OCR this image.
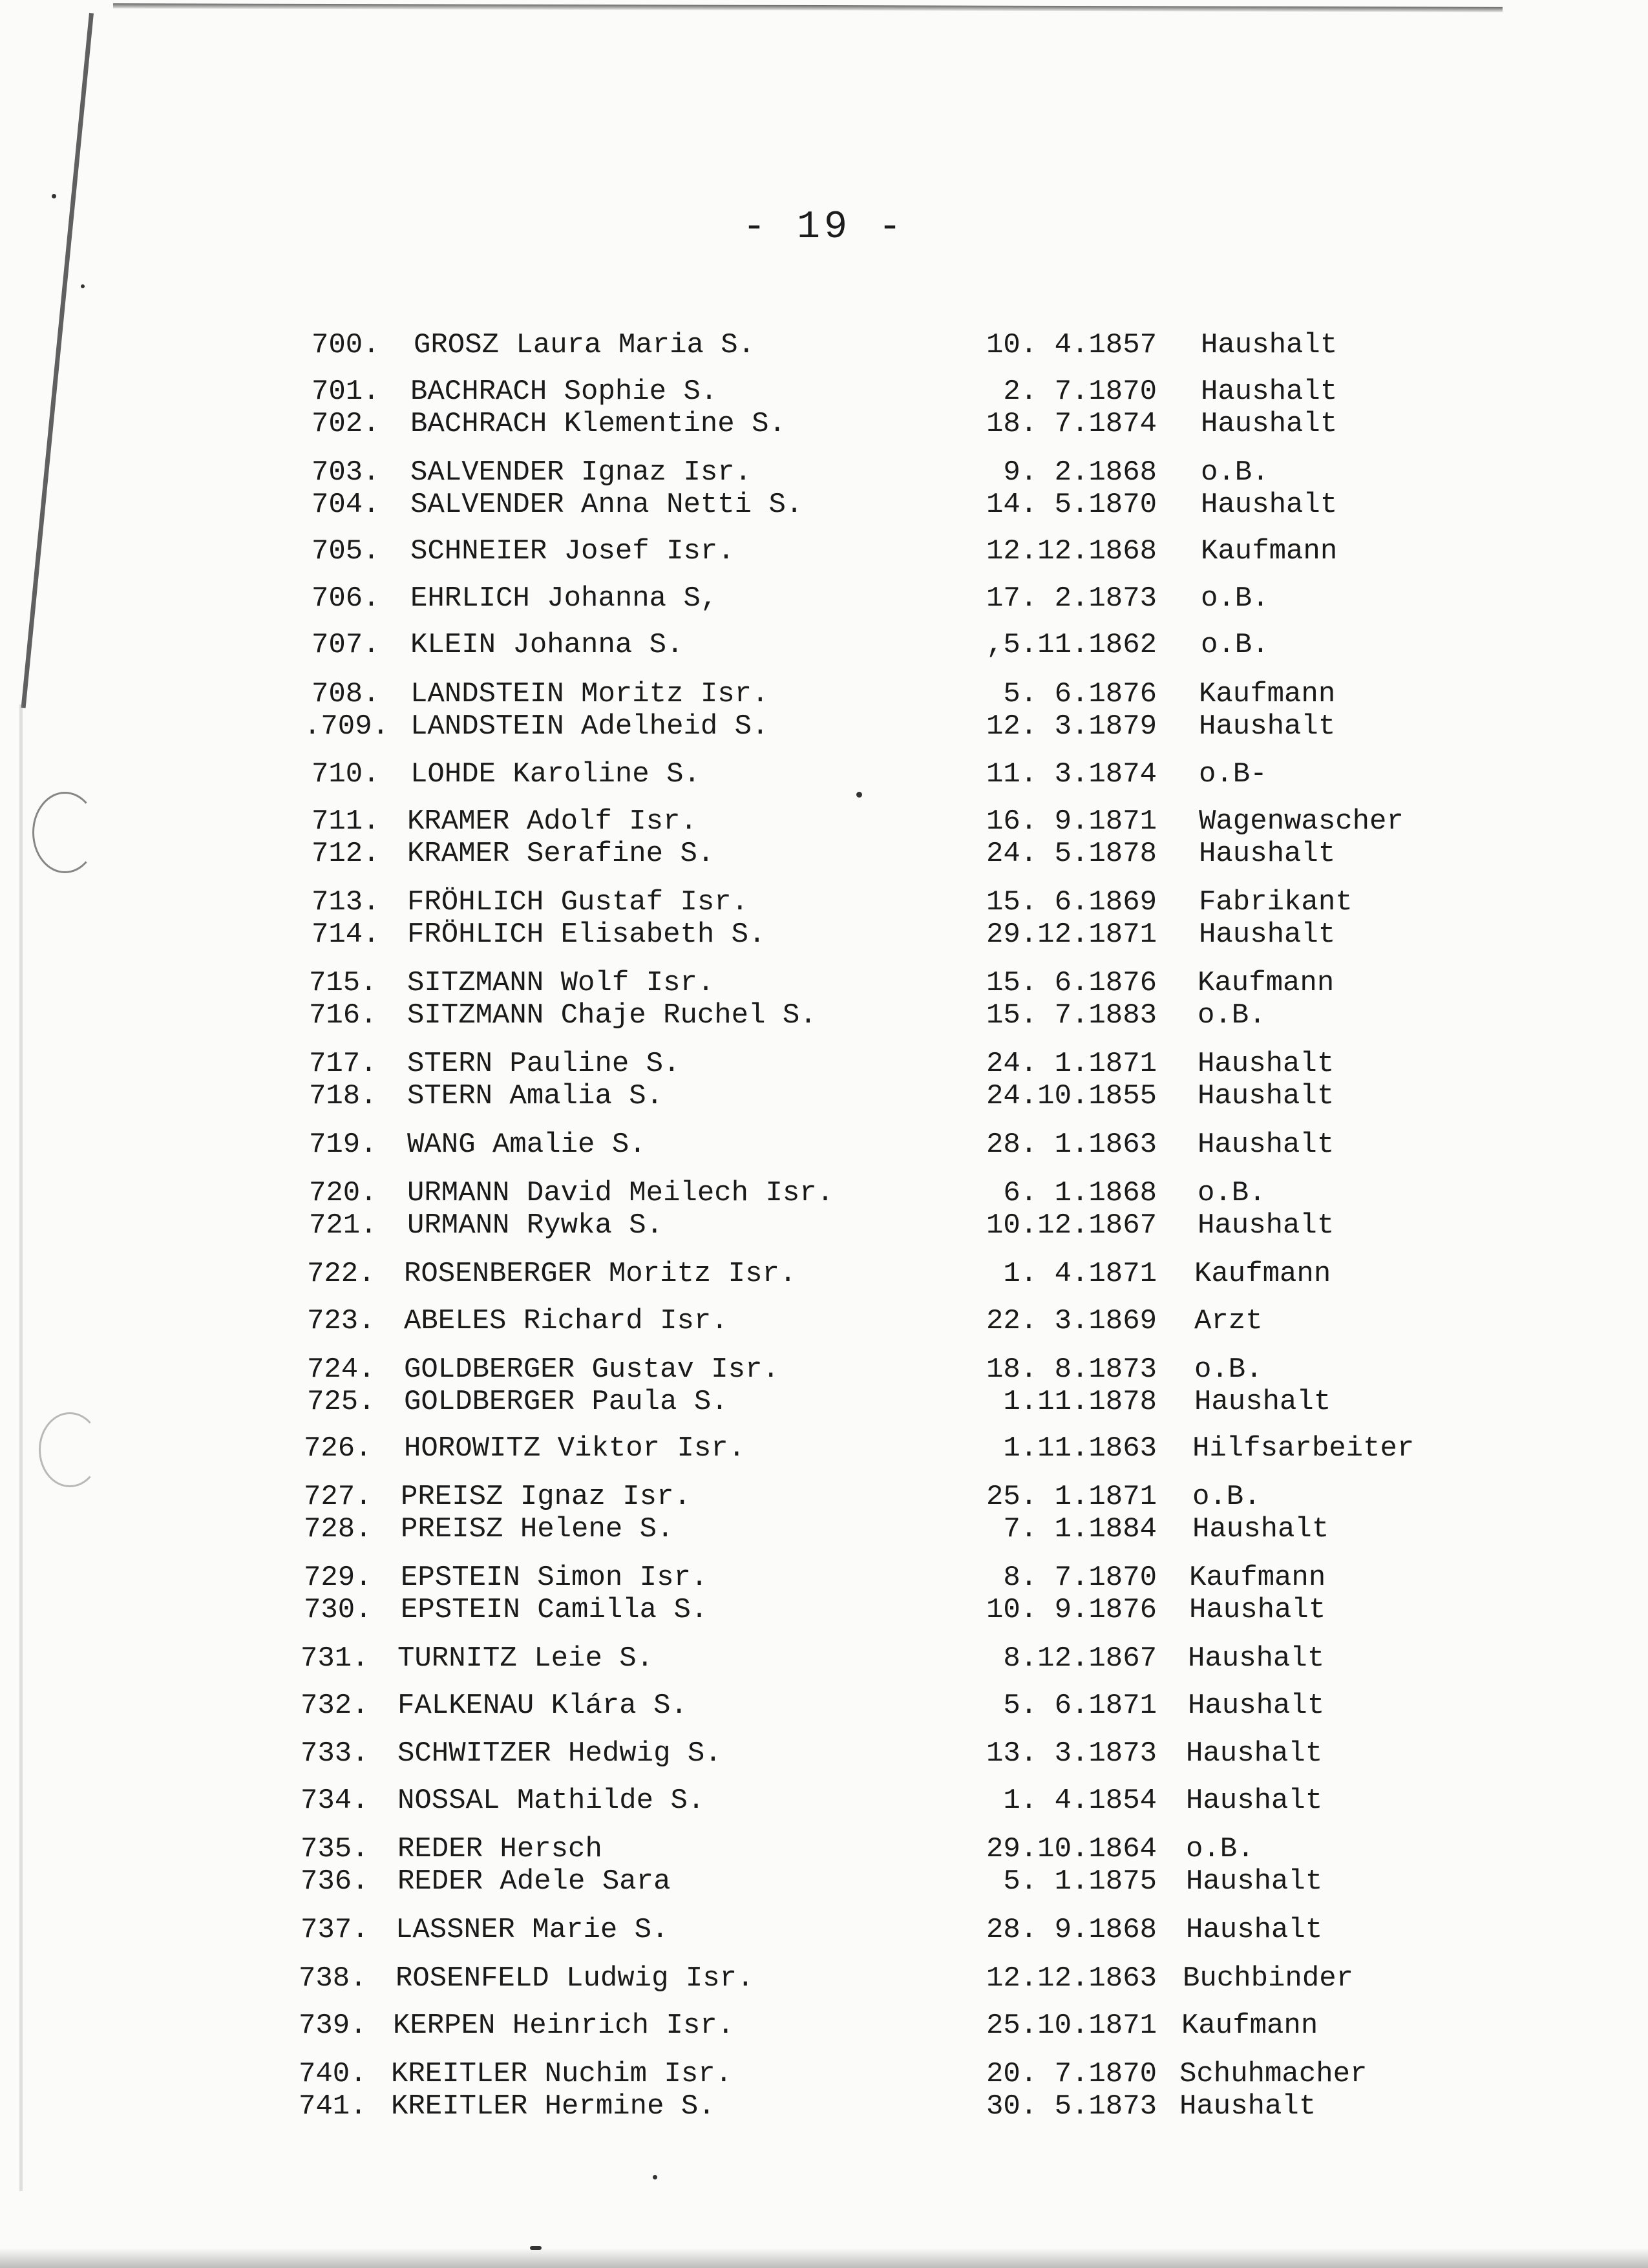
- 19 -
700.	GROSZ Laura Maria S.	10. 4.1857 Haushalt
701.	BACHRACH Sophie S.	2. 7.1870 Haushalt
702.	BACHRACH Klementine S.	18. 7.1874 Haushalt
703.	SALVENDER Ignaz Isr.	9. 2.1868 o.B.
704.	SALVENDER Anna Netti S.	14. 5.1870 Haushalt
705.	SCHNEIER Josef Isr.	12.12.1868 Kaufmann
706.	EHRLICH Johanna S,	17. 2.1873 o.B.
707.	KLEIN Johanna S.	,5.11.1862 o.B.
708.	LANDSTEIN Moritz Isr.	5. 6.1876 Kaufmann
.709. LANDSTEIN Adelheid S.	12. 3.1879 Haushalt
710.	LOHDE Karoline S.	11. 3.1874 o.B-
711. KRAMER Adolf Isr.	16. 9.1871 Wagenwascher
712. KRAMER Serafine S.	24. 5.1878 Haushalt
713. FRÖHLICH Gustaf Isr.	15. 6.1869 Fabrikant
714. FRÖHLICH Elisabeth S.	29.12.1871 Haushalt
715.	SITZMANN Wolf Isr.	15. 6.1876 Kaufmann
716.	SITZMANN Chaje Ruchel S.	15. 7.1883 o.B.
717.	STERN Pauline S.	24. 1.1871 Haushalt
718.	STERN Amalia S.	24.10.1855 Haushalt
719.	WANG Amalie S.	28. 1.1863 Haushalt
720.	URMANN David Meilech Isr.	6. 1.1868 o.B.
721.	URMANN Rywka S.	10.12.1867 Haushalt
722.	ROSENBERGER Moritz Isr.	1. 4.1871 Kaufmann
723.	ABELES Richard Isr.	22. 3.1869 Arzt
724.	GOLDBERGER Gustav Isr.	18. 8.1873 o.B.
725.	GOLDBERGER Paula S.	1.11.1878 Haushalt
726.	HOROWITZ Viktor Isr.	1.11.1863 Hilfsarbeiter
727.	PREISZ Ignaz Isr.	25. 1.1871 o.B.
728.	PREISZ Helene S.	7. 1.1884 Haushalt
729.	EPSTEIN Simon Isr.	8. 7.1870 Kaufmann
730.	EPSTEIN Camilla S.	10. 9.1876 Haushalt
731.	TURNITZ Leie S.	8.12.1867 Haushalt
732.	FALKENAU Klára S.	5. 6.1871 Haushalt
733.	SCHWITZER Hedwig S.	13. 3.1873 Haushalt
734.	NOSSAL Mathilde S.	1. 4.1854 Haushalt
735.	REDER Hersch	29.10.1864 o.B.
736.	REDER Adele Sara	5. 1.1875 Haushalt
737. LASSNER Marie S.	28. 9.1868 Haushalt
738.	ROSENFELD Ludwig Isr.	12.12.1863 Buchbinder
739. KERPEN Heinrich Isr.	25.10.1871 Kaufmann
740. KREITLER Nuchim Isr.	20. 7.1870 Schuhmacher
741. KREITLER Hermine S.	30. 5.1873 Haushalt
